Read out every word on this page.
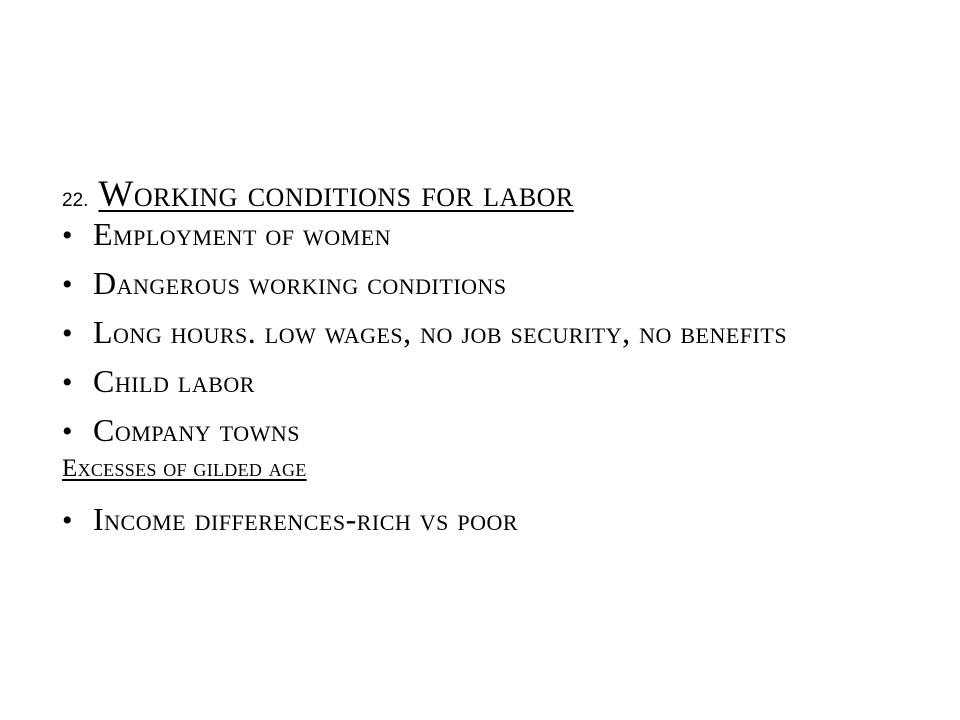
22. Working conditions for labor
• Employment of women
• Dangerous working conditions
• Long hours. low wages, no job security, no benefits
• Child labor
• Company towns
Excesses of gilded age
• Income differences-rich vs poor
